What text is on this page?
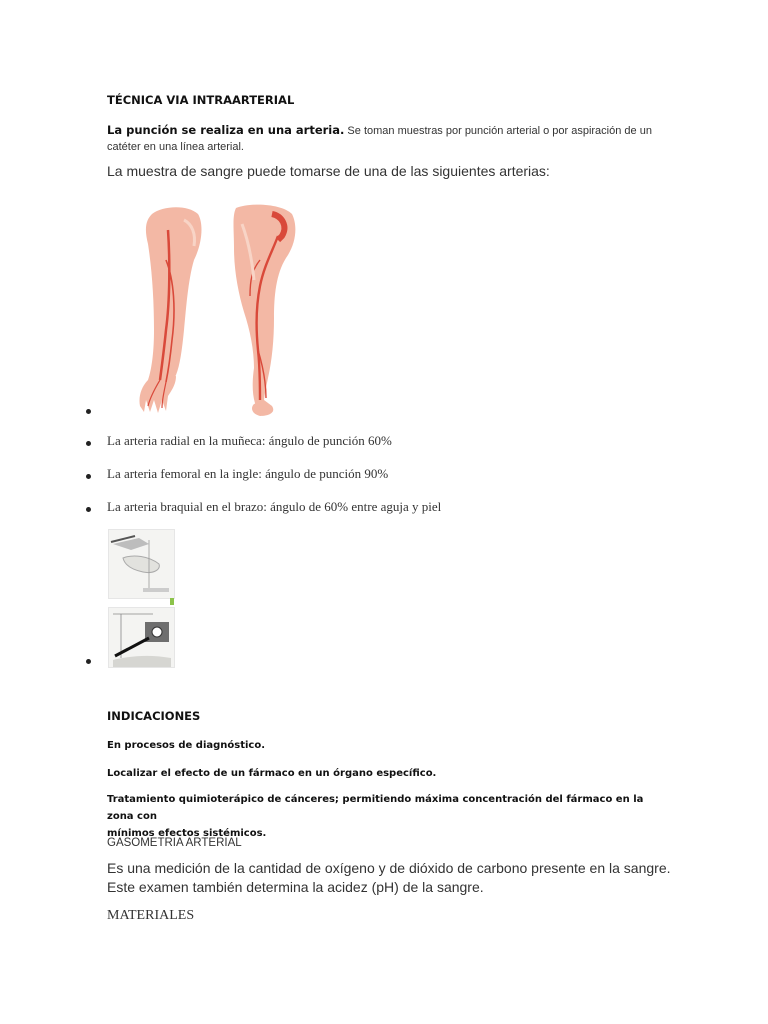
TÉCNICA VIA INTRAARTERIAL
La punción se realiza en una arteria. Se toman muestras por punción arterial o por aspiración de un
catéter en una línea arterial.
La muestra de sangre puede tomarse de una de las siguientes arterias:
La arteria radial en la muñeca: ángulo de punción 60%
La arteria femoral en la ingle: ángulo de punción 90%
La arteria braquial en el brazo: ángulo de 60% entre aguja y piel
INDICACIONES
En procesos de diagnóstico.
Localizar el efecto de un fármaco en un órgano específico.
Tratamiento quimioterápico de cánceres; permitiendo máxima concentración del fármaco en la zona con
mínimos efectos sistémicos.
GASOMETRIA ARTERIAL
Es una medición de la cantidad de oxígeno y de dióxido de carbono presente en la sangre.
Este examen también determina la acidez (pH) de la sangre.
MATERIALES
